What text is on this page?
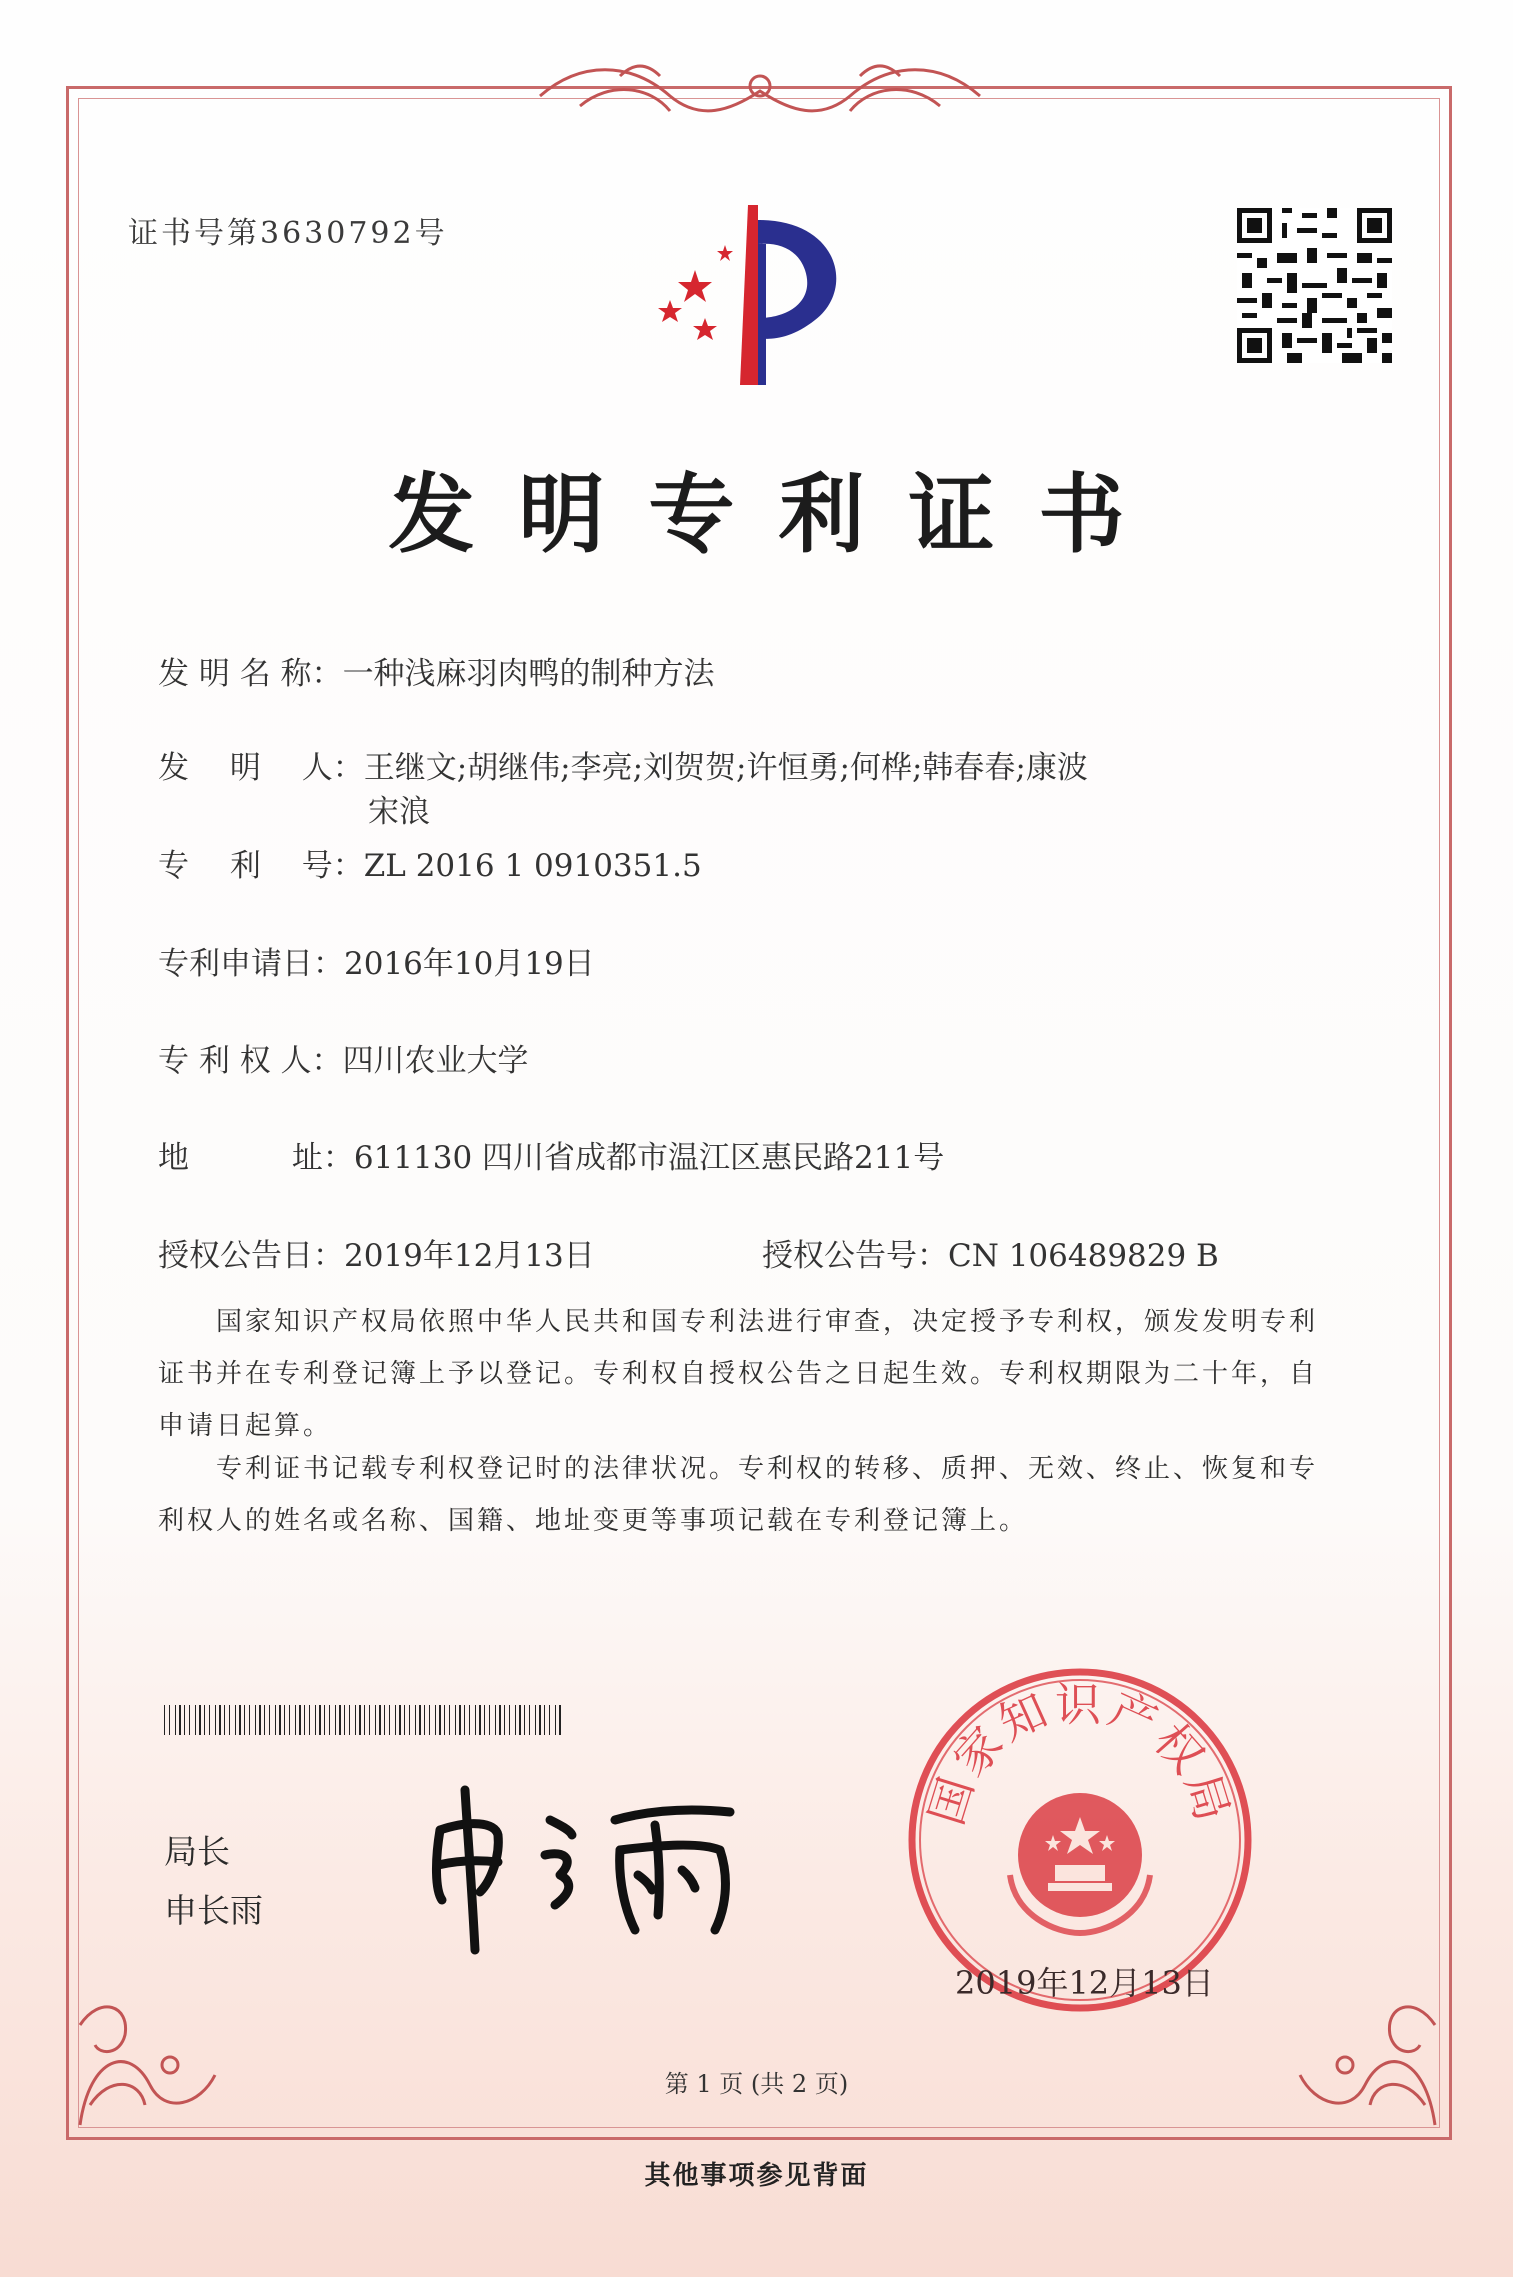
证书号第3630792号
发明专利证书
发 明 名 称：一种浅麻羽肉鸭的制种方法
发　 明　 人：王继文;胡继伟;李亮;刘贺贺;许恒勇;何桦;韩春春;康波
宋浪
专　 利　 号：ZL 2016 1 0910351.5
专利申请日：2016年10月19日
专 利 权 人：四川农业大学
地　　　 址：611130 四川省成都市温江区惠民路211号
授权公告日：2019年12月13日	授权公告号：CN 106489829 B
　　国家知识产权局依照中华人民共和国专利法进行审查，决定授予专利权，颁发发明专利
证书并在专利登记簿上予以登记。专利权自授权公告之日起生效。专利权期限为二十年，自
申请日起算。
　　专利证书记载专利权登记时的法律状况。专利权的转移、质押、无效、终止、恢复和专
利权人的姓名或名称、国籍、地址变更等事项记载在专利登记簿上。
局长
申长雨
国家知识产权局
2019年12月13日
第 1 页 (共 2 页)
其他事项参见背面
